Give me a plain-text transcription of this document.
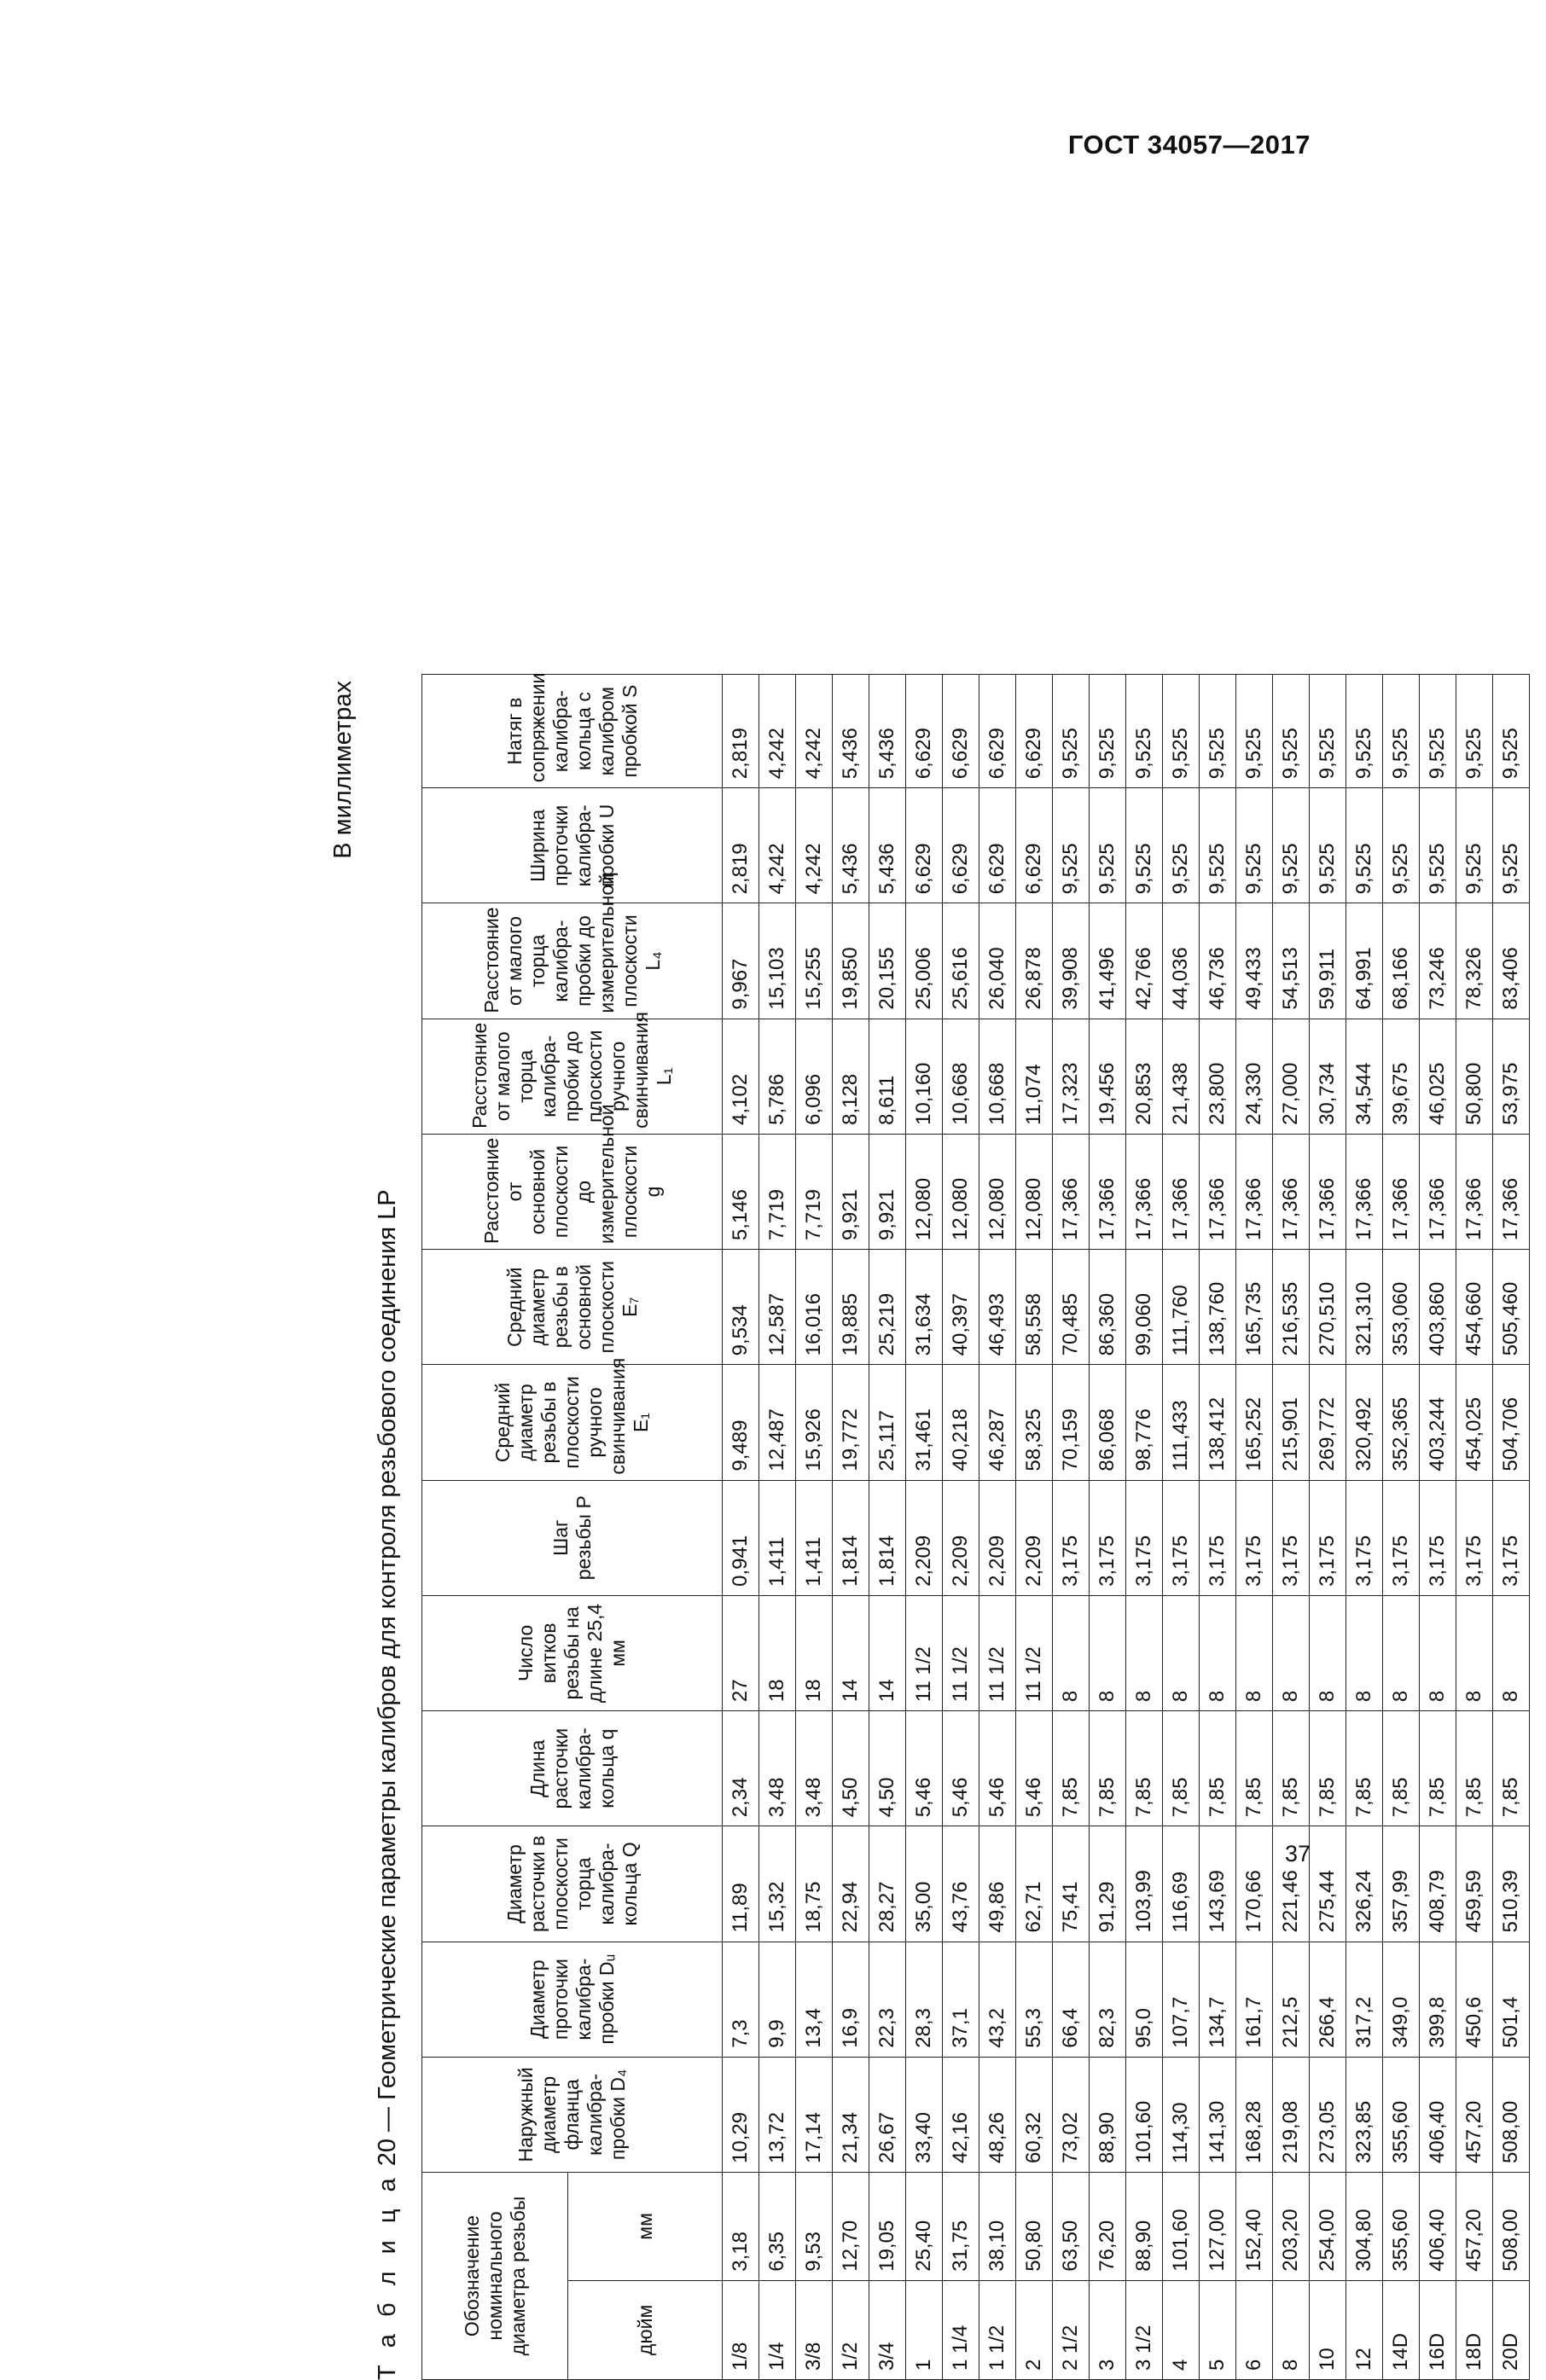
ГОСТ 34057—2017
В миллиметрах
Т а б л и ц а 20 — Геометрические параметры калибров для контроля резьбового соединения LP
Обозначение номинального диаметра резьбы		Наружный диаметр фланца калибра-пробки D₄	Диаметр проточки калибра-пробки Dᵤ	Диаметр расточки в плоскости торца калибра-кольца Q	Длина расточки калибра-кольца q	Число витков резьбы на длине 25,4 мм	Шаг резьбы P	Средний диаметр резьбы в плоскости ручного свинчивания E₁	Средний диаметр резьбы в основной плоскости E₇	Расстояние от основной плоскости до измерительной плоскости g	Расстояние от малого торца калибра-пробки до плоскости ручного свинчивания L₁	Расстояние от малого торца калибра-пробки до измерительной плоскости L₄	Ширина проточки калибра-пробки U	Натяг в сопряжении калибра-кольца с калибром пробкой S
дюйм	мм													
1/8	3,18	10,29	7,3	11,89	2,34	27	0,941	9,489	9,534	5,146	4,102	9,967	2,819	2,819
1/4	6,35	13,72	9,9	15,32	3,48	18	1,411	12,487	12,587	7,719	5,786	15,103	4,242	4,242
3/8	9,53	17,14	13,4	18,75	3,48	18	1,411	15,926	16,016	7,719	6,096	15,255	4,242	4,242
1/2	12,70	21,34	16,9	22,94	4,50	14	1,814	19,772	19,885	9,921	8,128	19,850	5,436	5,436
3/4	19,05	26,67	22,3	28,27	4,50	14	1,814	25,117	25,219	9,921	8,611	20,155	5,436	5,436
1	25,40	33,40	28,3	35,00	5,46	11 1/2	2,209	31,461	31,634	12,080	10,160	25,006	6,629	6,629
1 1/4	31,75	42,16	37,1	43,76	5,46	11 1/2	2,209	40,218	40,397	12,080	10,668	25,616	6,629	6,629
1 1/2	38,10	48,26	43,2	49,86	5,46	11 1/2	2,209	46,287	46,493	12,080	10,668	26,040	6,629	6,629
2	50,80	60,32	55,3	62,71	5,46	11 1/2	2,209	58,325	58,558	12,080	11,074	26,878	6,629	6,629
2 1/2	63,50	73,02	66,4	75,41	7,85	8	3,175	70,159	70,485	17,366	17,323	39,908	9,525	9,525
3	76,20	88,90	82,3	91,29	7,85	8	3,175	86,068	86,360	17,366	19,456	41,496	9,525	9,525
3 1/2	88,90	101,60	95,0	103,99	7,85	8	3,175	98,776	99,060	17,366	20,853	42,766	9,525	9,525
4	101,60	114,30	107,7	116,69	7,85	8	3,175	111,433	111,760	17,366	21,438	44,036	9,525	9,525
5	127,00	141,30	134,7	143,69	7,85	8	3,175	138,412	138,760	17,366	23,800	46,736	9,525	9,525
6	152,40	168,28	161,7	170,66	7,85	8	3,175	165,252	165,735	17,366	24,330	49,433	9,525	9,525
8	203,20	219,08	212,5	221,46	7,85	8	3,175	215,901	216,535	17,366	27,000	54,513	9,525	9,525
10	254,00	273,05	266,4	275,44	7,85	8	3,175	269,772	270,510	17,366	30,734	59,911	9,525	9,525
12	304,80	323,85	317,2	326,24	7,85	8	3,175	320,492	321,310	17,366	34,544	64,991	9,525	9,525
14D	355,60	355,60	349,0	357,99	7,85	8	3,175	352,365	353,060	17,366	39,675	68,166	9,525	9,525
16D	406,40	406,40	399,8	408,79	7,85	8	3,175	403,244	403,860	17,366	46,025	73,246	9,525	9,525
18D	457,20	457,20	450,6	459,59	7,85	8	3,175	454,025	454,660	17,366	50,800	78,326	9,525	9,525
20D	508,00	508,00	501,4	510,39	7,85	8	3,175	504,706	505,460	17,366	53,975	83,406	9,525	9,525
37
